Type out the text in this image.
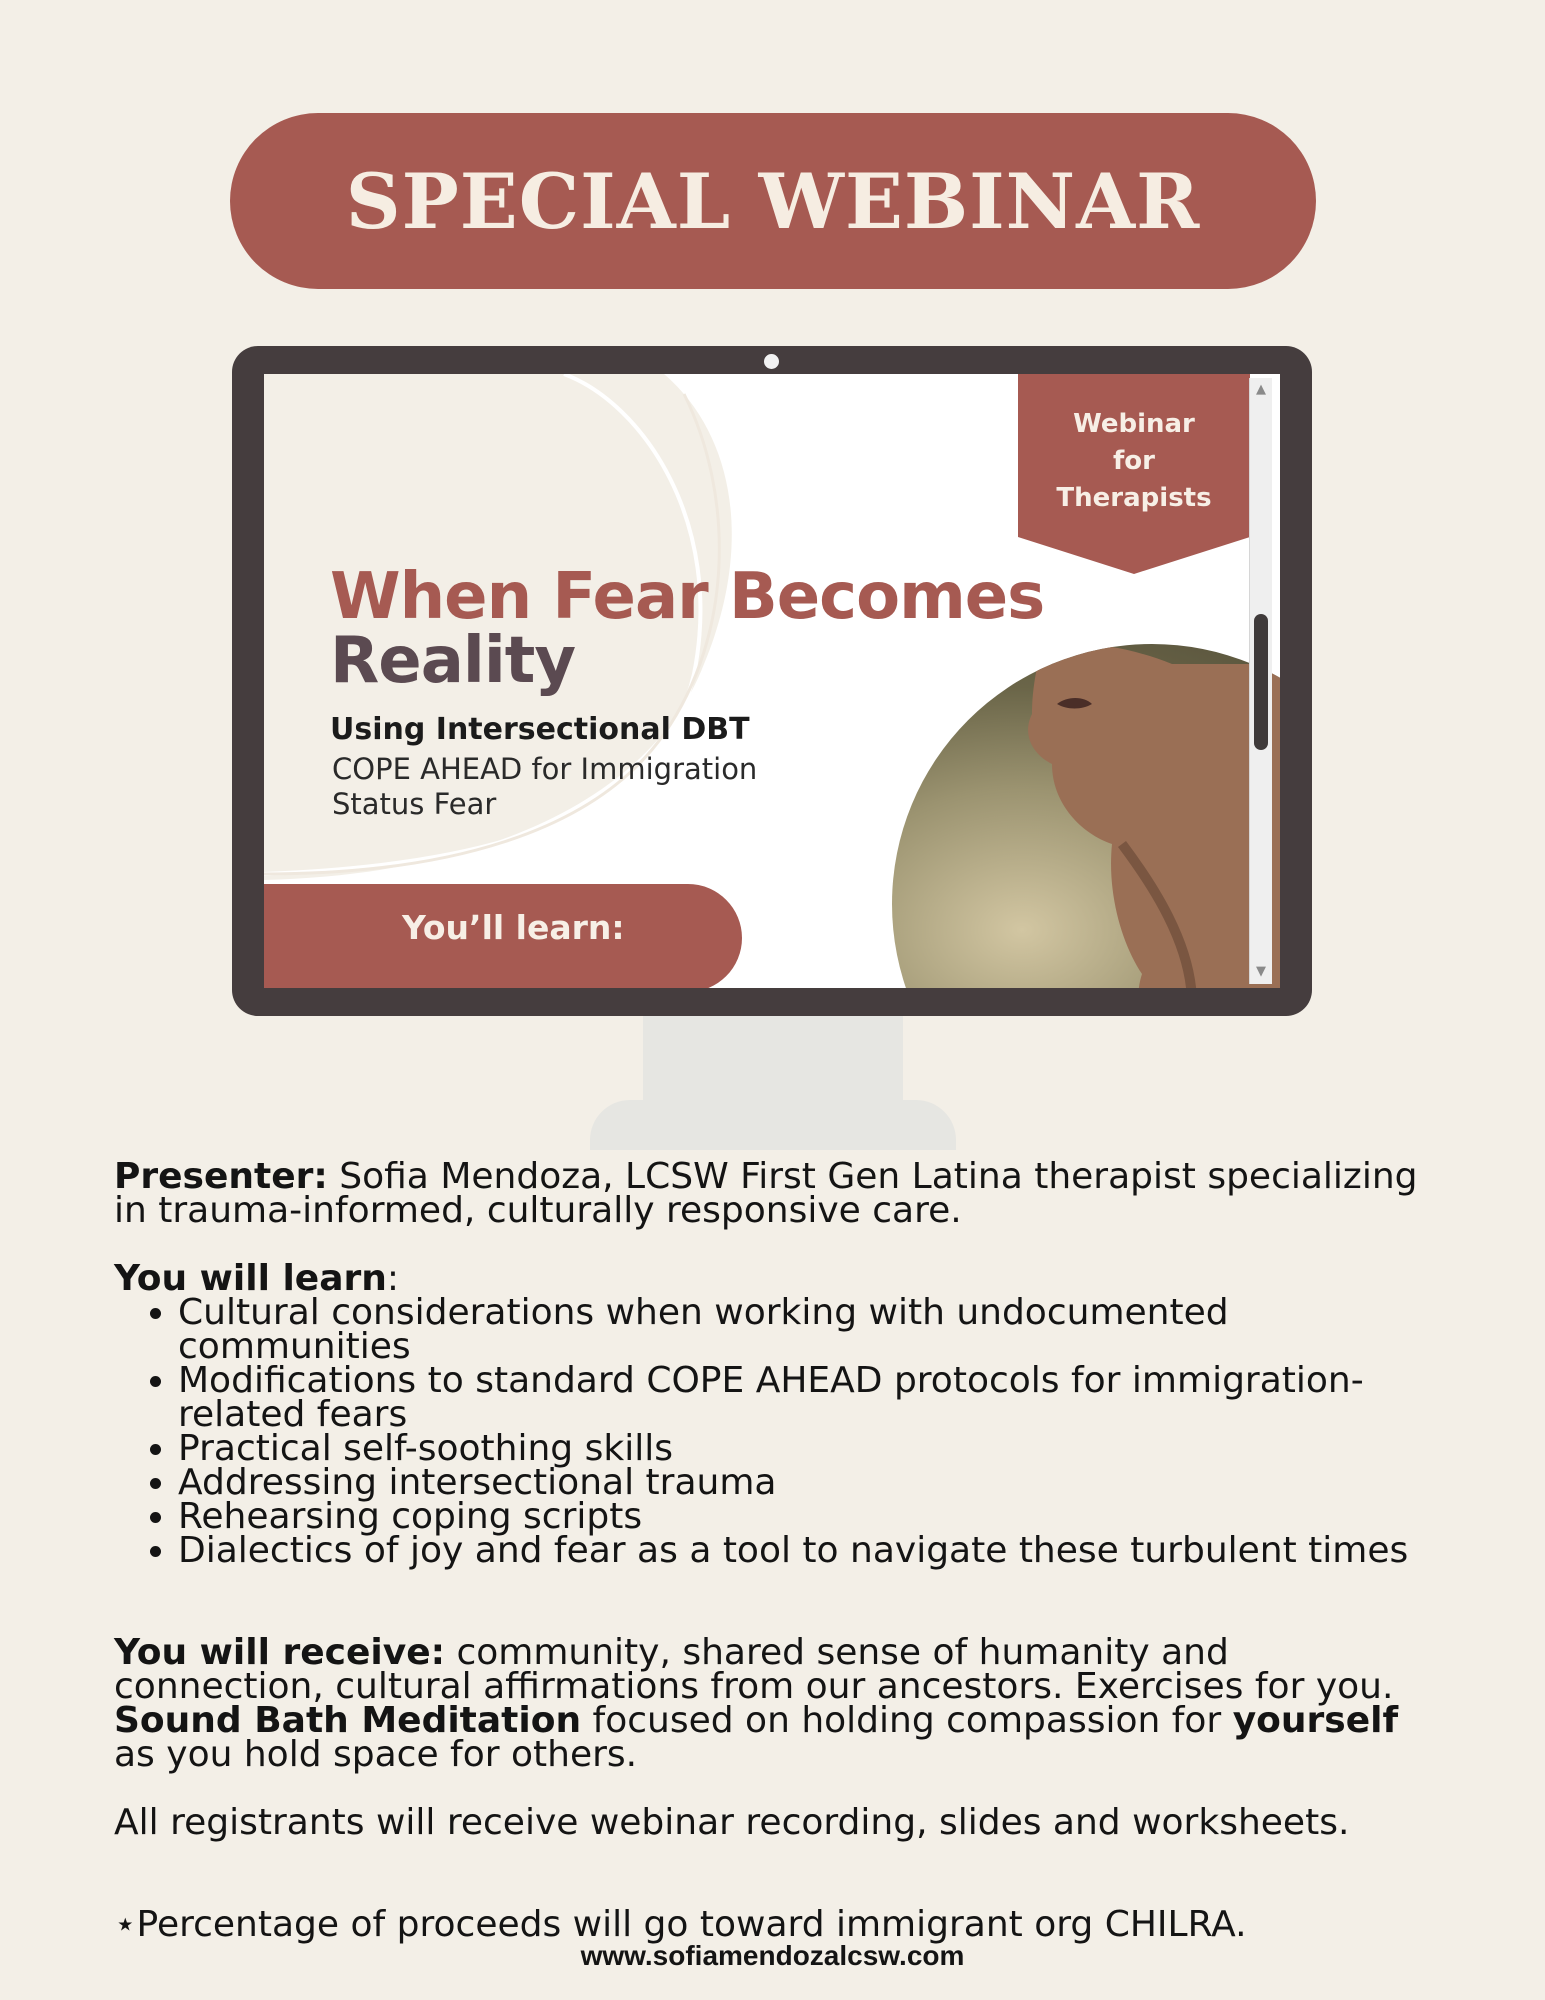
SPECIAL WEBINAR
Webinar
for
Therapists
When Fear Becomes
Reality
Using Intersectional DBT
COPE AHEAD for Immigration
Status Fear
You’ll learn:
▲
▼

Presenter: Sofia Mendoza, LCSW First Gen Latina therapist specializing in trauma-informed, culturally responsive care.

You will learn:

• Cultural considerations when working with undocumented communities
• Modifications to standard COPE AHEAD protocols for immigration-related fears
• Practical self-soothing skills
• Addressing intersectional trauma
• Rehearsing coping scripts
• Dialectics of joy and fear as a tool to navigate these turbulent times

You will receive: community, shared sense of humanity and connection, cultural affirmations from our ancestors. Exercises for you. Sound Bath Meditation focused on holding compassion for yourself as you hold space for others.

All registrants will receive webinar recording, slides and worksheets.

⋆Percentage of proceeds will go toward immigrant org CHILRA.

www.sofiamendozalcsw.com
